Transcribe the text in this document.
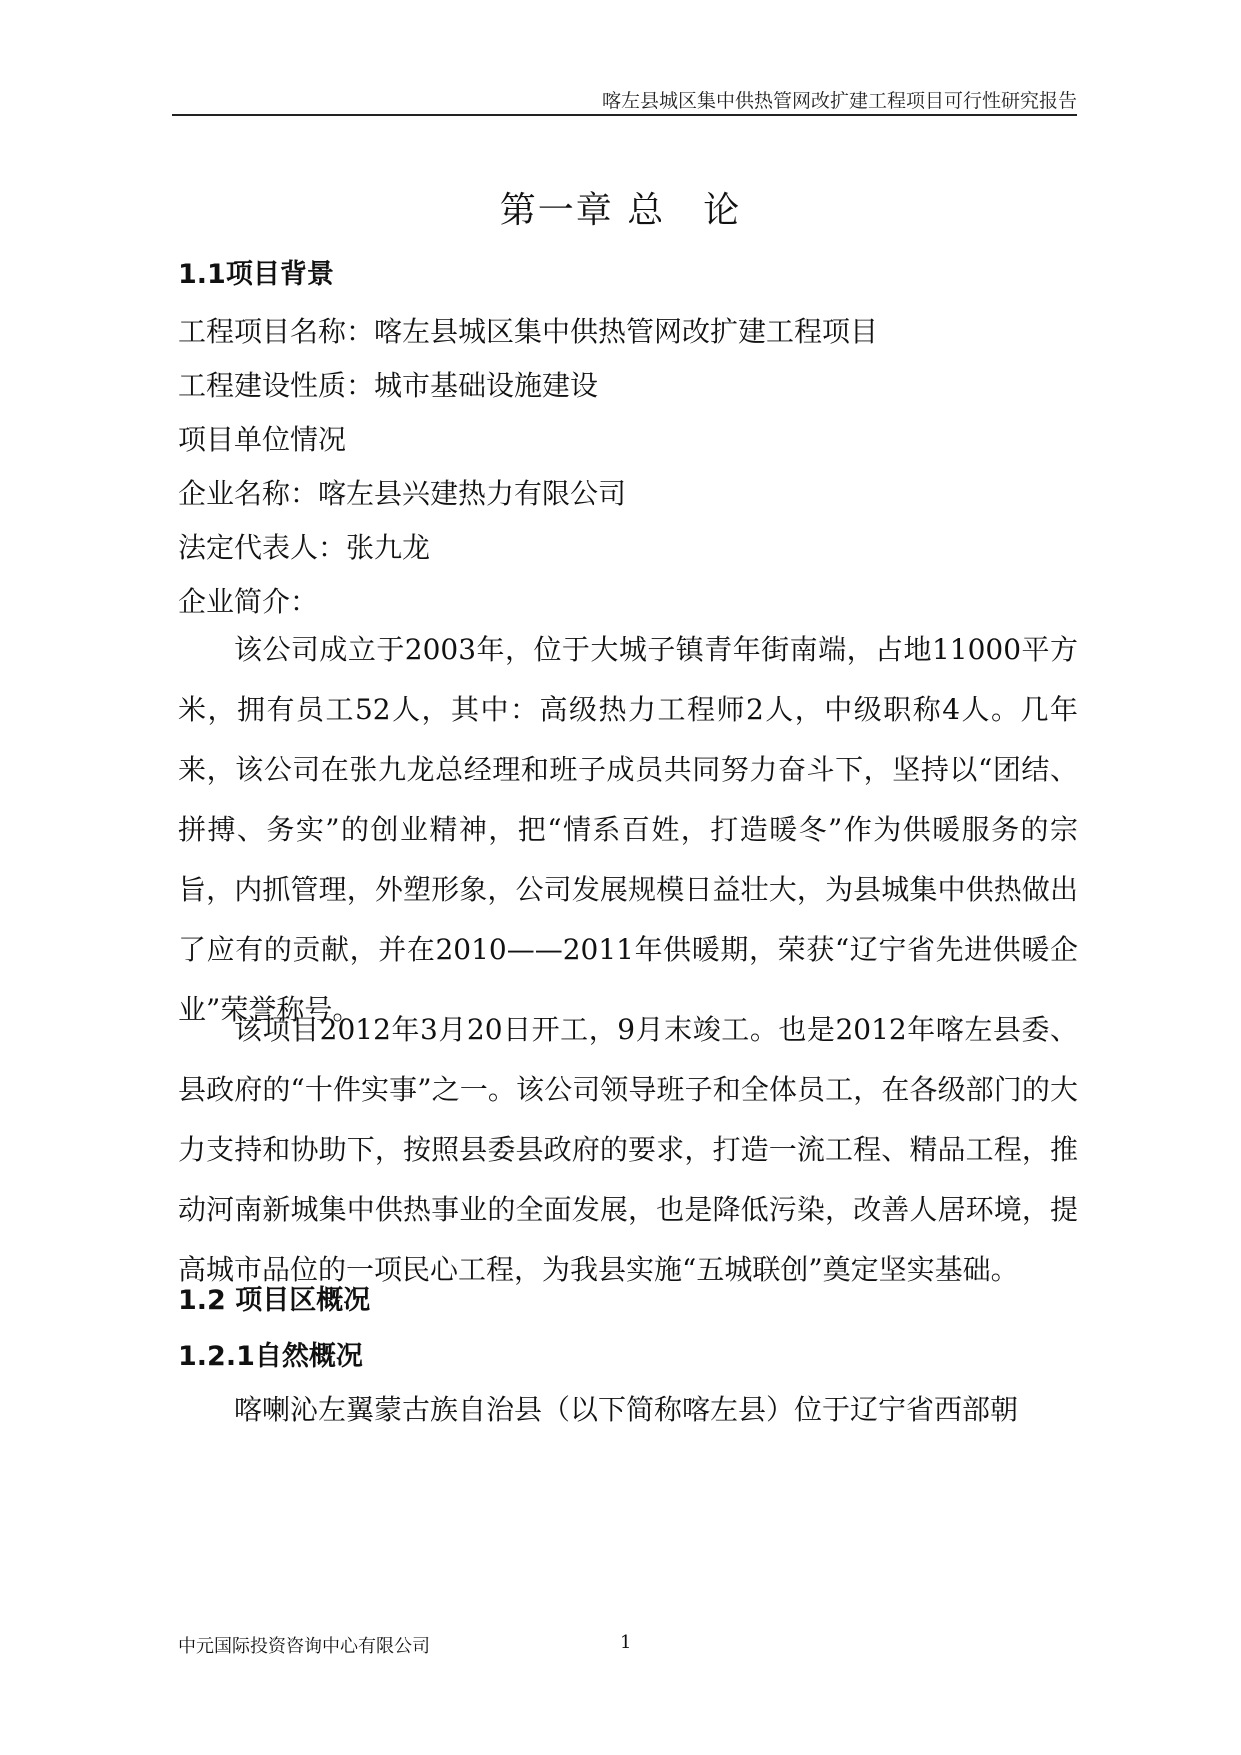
喀左县城区集中供热管网改扩建工程项目可行性研究报告
第一章 总　论
1.1项目背景
工程项目名称：喀左县城区集中供热管网改扩建工程项目
工程建设性质：城市基础设施建设
项目单位情况
企业名称：喀左县兴建热力有限公司
法定代表人：张九龙
企业简介：
该公司成立于2003年，位于大城子镇青年街南端，占地11000平方米，拥有员工52人，其中：高级热力工程师2人，中级职称4人。几年来，该公司在张九龙总经理和班子成员共同努力奋斗下，坚持以“团结、拼搏、务实”的创业精神，把“情系百姓，打造暖冬”作为供暖服务的宗旨，内抓管理，外塑形象，公司发展规模日益壮大，为县城集中供热做出了应有的贡献，并在2010——2011年供暖期，荣获“辽宁省先进供暖企业”荣誉称号。
该项目2012年3月20日开工，9月末竣工。也是2012年喀左县委、县政府的“十件实事”之一。该公司领导班子和全体员工，在各级部门的大力支持和协助下，按照县委县政府的要求，打造一流工程、精品工程，推动河南新城集中供热事业的全面发展，也是降低污染，改善人居环境，提高城市品位的一项民心工程，为我县实施“五城联创”奠定坚实基础。
1.2 项目区概况
1.2.1自然概况
喀喇沁左翼蒙古族自治县（以下简称喀左县）位于辽宁省西部朝
中元国际投资咨询中心有限公司	1
